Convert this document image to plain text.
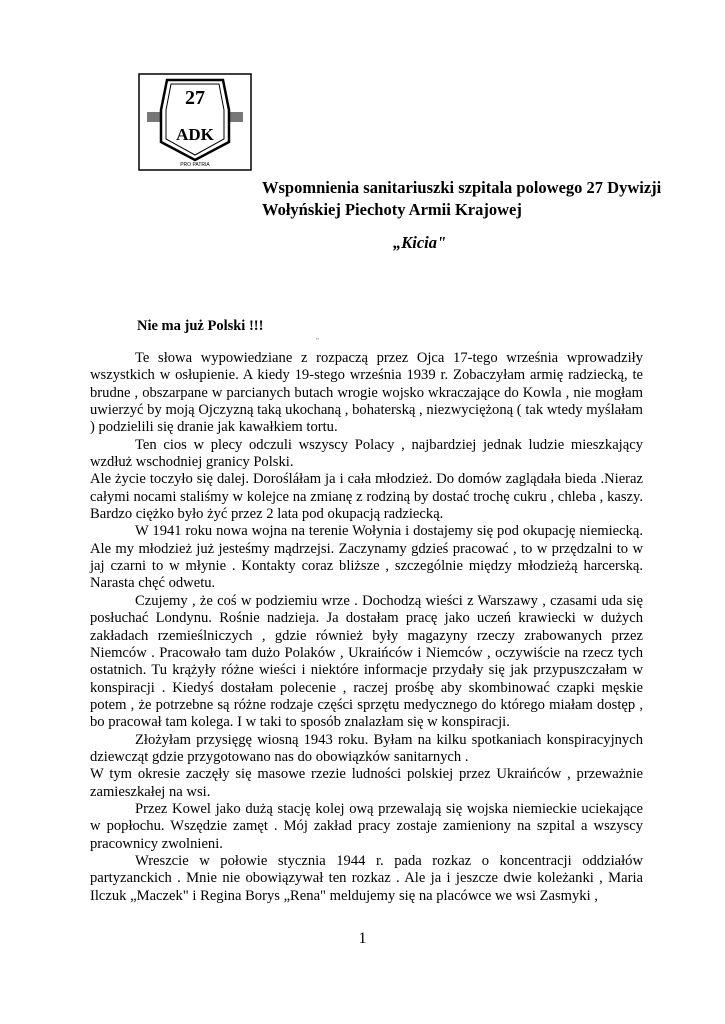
27
ADK
PRO PATRIA
Wspomnienia sanitariuszki szpitala polowego 27 Dywizji Wołyńskiej Piechoty Armii Krajowej
„Kicia"
Nie ma już Polski !!!
"

Te słowa wypowiedziane z rozpaczą przez Ojca 17-tego września wprowadziły wszystkich w osłupienie. A kiedy 19-stego września 1939 r. Zobaczyłam armię radziecką, te brudne , obszarpane w parcianych butach wrogie wojsko wkraczające do Kowla , nie mogłam uwierzyć by moją Ojczyzną taką ukochaną , bohaterską , niezwyciężoną ( tak wtedy myślałam ) podzielili się dranie jak kawałkiem tortu.

Ten cios w plecy odczuli wszyscy Polacy , najbardziej jednak ludzie mieszkający wzdłuż wschodniej granicy Polski.

Ale życie toczyło się dalej. Dorośláłam ja i cała młodzież. Do domów zaglądała bieda .Nieraz całymi nocami staliśmy w kolejce na zmianę z rodziną by dostać trochę cukru , chleba , kaszy. Bardzo ciężko było żyć przez 2 lata pod okupacją radziecką.

W 1941 roku nowa wojna na terenie Wołynia i dostajemy się pod okupację niemiecką. Ale my młodzież już jesteśmy mądrzejsi. Zaczynamy gdzieś pracować , to w przędzalni to w jaj czarni to w młynie . Kontakty coraz bliższe , szczególnie między młodzieżą harcerską. Narasta chęć odwetu.

Czujemy , że coś w podziemiu wrze . Dochodzą wieści z Warszawy , czasami uda się posłuchać Londynu. Rośnie nadzieja. Ja dostałam pracę jako uczeń krawiecki w dużych zakładach rzemieślniczych , gdzie również były magazyny rzeczy zrabowanych przez Niemców . Pracowało tam dużo Polaków , Ukraińców i Niemców , oczywiście na rzecz tych ostatnich. Tu krążyły różne wieści i niektóre informacje przydały się jak przypuszczałam w konspiracji . Kiedyś dostałam polecenie , raczej prośbę aby skombinować czapki męskie potem , że potrzebne są różne rodzaje części sprzętu medycznego do którego miałam dostęp , bo pracował tam kolega. I w taki to sposób znalazłam się w konspiracji.

Złożyłam przysięgę wiosną 1943 roku. Byłam na kilku spotkaniach konspiracyjnych dziewcząt gdzie przygotowano nas do obowiązków sanitarnych .

W tym okresie zaczęły się masowe rzezie ludności polskiej przez Ukraińców , przeważnie zamieszkałej na wsi.

Przez Kowel jako dużą stację kolej ową przewalają się wojska niemieckie uciekające w popłochu. Wszędzie zamęt . Mój zakład pracy zostaje zamieniony na szpital a wszyscy pracownicy zwolnieni.

Wreszcie w połowie stycznia 1944 r. pada rozkaz o koncentracji oddziałów partyzanckich . Mnie nie obowiązywał ten rozkaz . Ale ja i jeszcze dwie koleżanki , Maria Ilczuk „Maczek" i Regina Borys „Rena" meldujemy się na placówce we wsi Zasmyki ,

1
